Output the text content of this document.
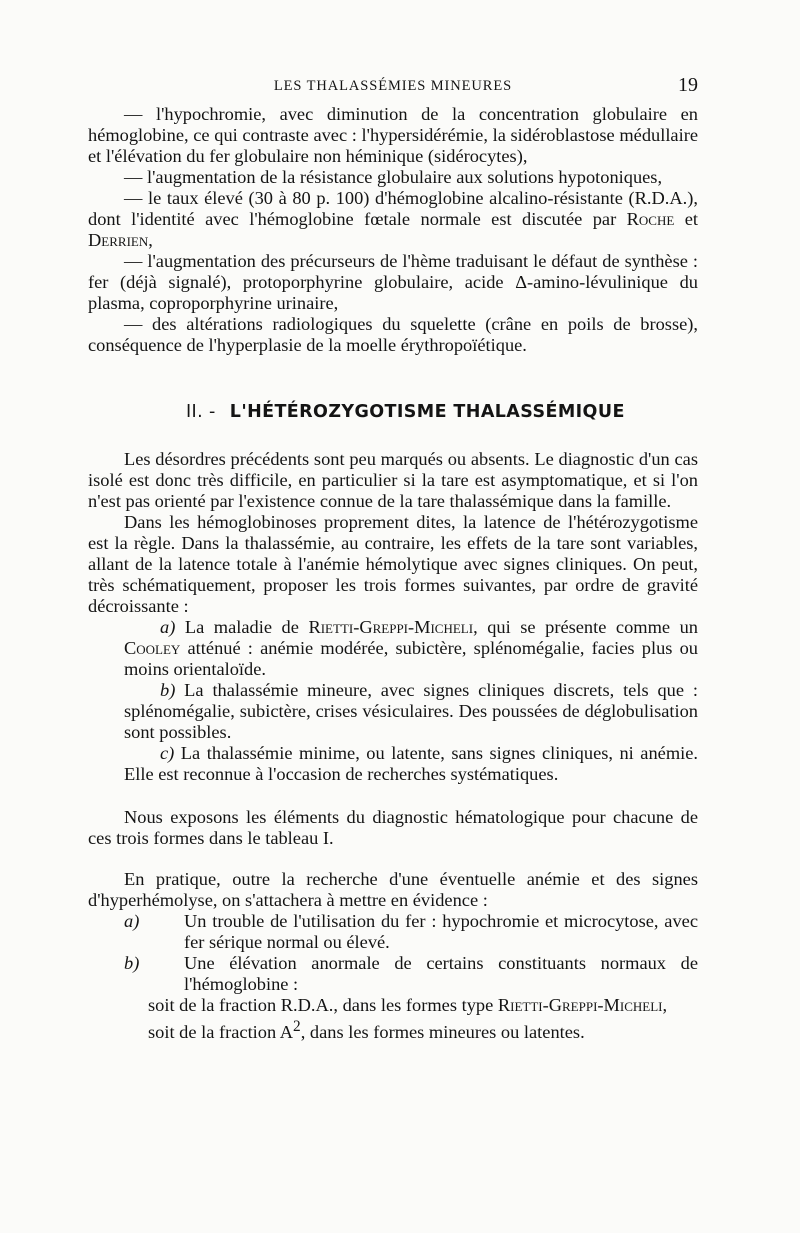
LES THALASSÉMIES MINEURES	19

— l'hypochromie, avec diminution de la concentration globulaire en hémoglobine, ce qui contraste avec : l'hypersidérémie, la sidéroblastose médullaire et l'élévation du fer globulaire non héminique (sidérocytes),

— l'augmentation de la résistance globulaire aux solutions hypotoniques,

— le taux élevé (30 à 80 p. 100) d'hémoglobine alcalino-résistante (R.D.A.), dont l'identité avec l'hémoglobine fœtale normale est discutée par Roche et Derrien,

— l'augmentation des précurseurs de l'hème traduisant le défaut de synthèse : fer (déjà signalé), protoporphyrine globulaire, acide Δ-amino-lévulinique du plasma, coproporphyrine urinaire,

— des altérations radiologiques du squelette (crâne en poils de brosse), conséquence de l'hyperplasie de la moelle érythropoïétique.

II. - L'HÉTÉROZYGOTISME THALASSÉMIQUE

Les désordres précédents sont peu marqués ou absents. Le diagnostic d'un cas isolé est donc très difficile, en particulier si la tare est asymptomatique, et si l'on n'est pas orienté par l'existence connue de la tare thalassémique dans la famille.

Dans les hémoglobinoses proprement dites, la latence de l'hétérozygotisme est la règle. Dans la thalassémie, au contraire, les effets de la tare sont variables, allant de la latence totale à l'anémie hémolytique avec signes cliniques. On peut, très schématiquement, proposer les trois formes suivantes, par ordre de gravité décroissante :

a) La maladie de Rietti-Greppi-Micheli, qui se présente comme un Cooley atténué : anémie modérée, subictère, splénomégalie, facies plus ou moins orientaloïde.

b) La thalassémie mineure, avec signes cliniques discrets, tels que : splénomégalie, subictère, crises vésiculaires. Des poussées de déglobulisation sont possibles.

c) La thalassémie minime, ou latente, sans signes cliniques, ni anémie. Elle est reconnue à l'occasion de recherches systématiques.

Nous exposons les éléments du diagnostic hématologique pour chacune de ces trois formes dans le tableau I.

En pratique, outre la recherche d'une éventuelle anémie et des signes d'hyperhémolyse, on s'attachera à mettre en évidence :

a) Un trouble de l'utilisation du fer : hypochromie et microcytose, avec fer sérique normal ou élevé.

b) Une élévation anormale de certains constituants normaux de l'hémoglobine :

soit de la fraction R.D.A., dans les formes type Rietti-Greppi-Micheli,

soit de la fraction $A^2$, dans les formes mineures ou latentes.
